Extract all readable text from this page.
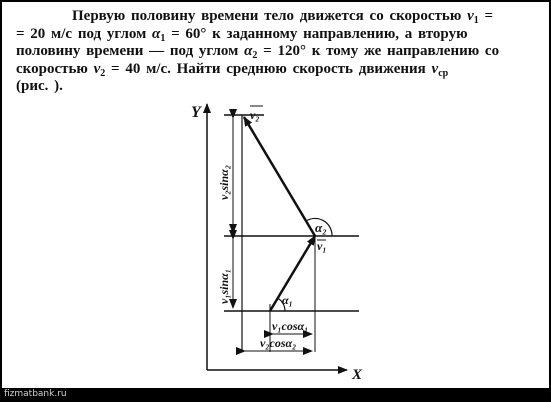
Первую половину времени тело движется со скоростью $v_1$ =
= 20 м/с под углом $\alpha_1 = 60^\circ$ к заданному направлению, а вторую
половину времени — под углом $\alpha_2 = 120^\circ$ к тому же направлению со
скоростью $v_2 = 40$ м/с. Найти среднюю скорость движения $v_{ср}$
(рис. ).
Y
X
v₂sinα₂
v₁sinα₁	α₁
α₂
v₂
v₁
v₁cosα₁
v₂cosα₂
fizmatbank.ru
